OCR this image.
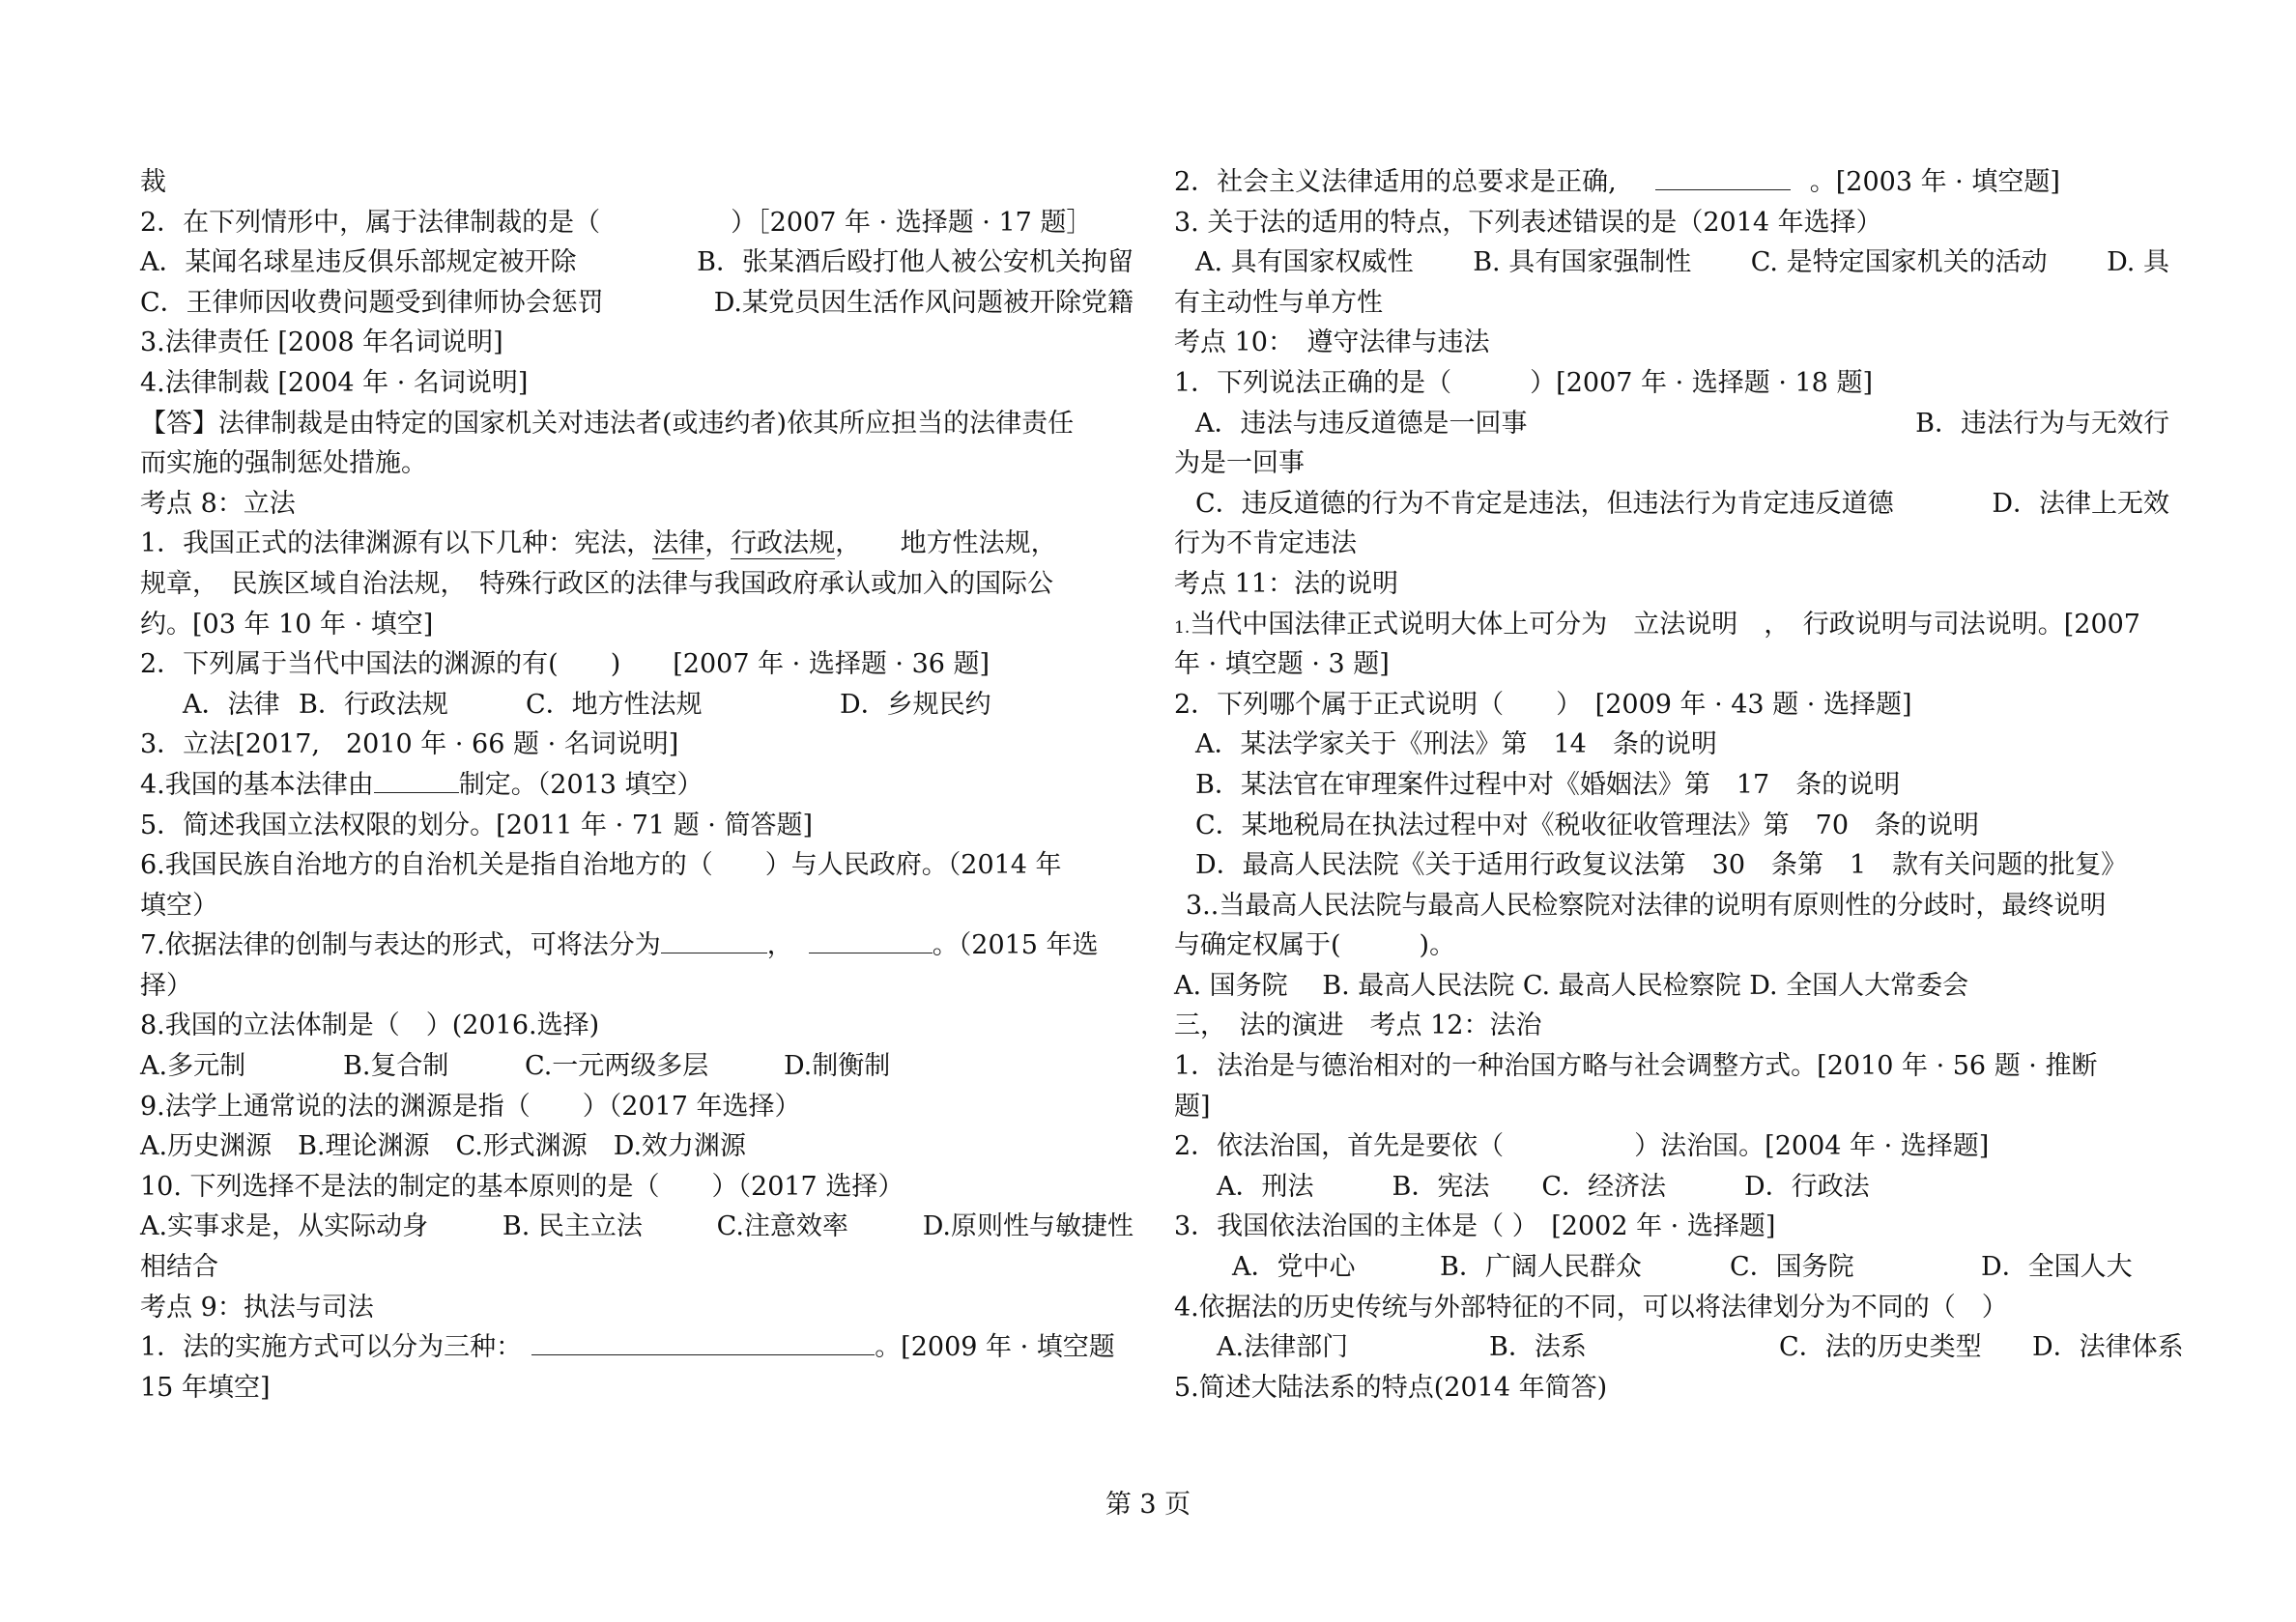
裁
2．在下列情形中，属于法律制裁的是（　　　　　）［2007 年 · 选择题 · 17 题］
A．某闻名球星违反俱乐部规定被开除	B．张某酒后殴打他人被公安机关拘留
C．王律师因收费问题受到律师协会惩罚	D.某党员因生活作风问题被开除党籍
3.法律责任 [2008 年名词说明]
4.法律制裁 [2004 年 · 名词说明]
【答】法律制裁是由特定的国家机关对违法者(或违约者)依其所应担当的法律责任
而实施的强制惩处措施。
考点 8：立法
1．我国正式的法律渊源有以下几种：宪法，法律，行政法规，　　地方性法规，
规章，　民族区域自治法规，　特殊行政区的法律与我国政府承认或加入的国际公
约。[03 年 10 年 · 填空]
2．下列属于当代中国法的渊源的有(　　)　　[2007 年 · 选择题 · 36 题]
A．法律 B．行政法规	C．地方性法规	D．乡规民约
3．立法[2017,　2010 年 · 66 题 · 名词说明]
4.我国的基本法律由	制定。（2013 填空）
5．简述我国立法权限的划分。[2011 年 · 71 题 · 简答题]
6.我国民族自治地方的自治机关是指自治地方的（　　）与人民政府。（2014 年
填空）
7.依据法律的创制与表达的形式，可将法分为	，	。（2015 年选
择）
8.我国的立法体制是（　）(2016.选择)
A.多元制	B.复合制	C.一元两级多层	D.制衡制
9.法学上通常说的法的渊源是指（　　）（2017 年选择）
A.历史渊源　B.理论渊源　C.形式渊源　D.效力渊源
10. 下列选择不是法的制定的基本原则的是（　　）（2017 选择）
A.实事求是，从实际动身	B. 民主立法	C.注意效率	D.原则性与敏捷性
相结合
考点 9：执法与司法
1．法的实施方式可以分为三种：	。[2009 年 · 填空题
15 年填空]
2．社会主义法律适用的总要求是正确,	。[2003 年 · 填空题]
3. 关于法的适用的特点，下列表述错误的是（2014 年选择）
A. 具有国家权威性 B. 具有国家强制性 C. 是特定国家机关的活动 D. 具
有主动性与单方性
考点 10：　遵守法律与违法
1．下列说法正确的是（　　　）[2007 年 · 选择题 · 18 题]
A．违法与违反道德是一回事	B．违法行为与无效行
为是一回事
C．违反道德的行为不肯定是违法，但违法行为肯定违反道德	D．法律上无效
行为不肯定违法
考点 11：法的说明
1.当代中国法律正式说明大体上可分为　立法说明　，　行政说明与司法说明。[2007
年 · 填空题 · 3 题]
2．下列哪个属于正式说明（　　）　[2009 年 · 43 题 · 选择题]
A．某法学家关于《刑法》第　14　条的说明
B．某法官在审理案件过程中对《婚姻法》第　17　条的说明
C．某地税局在执法过程中对《税收征收管理法》第　70　条的说明
D．最高人民法院《关于适用行政复议法第　30　条第　1　款有关问题的批复》
3..当最高人民法院与最高人民检察院对法律的说明有原则性的分歧时，最终说明
与确定权属于(　　　)。
A. 国务院　 B. 最高人民法院 C. 最高人民检察院 D. 全国人大常委会
三，　法的演进　考点 12：法治
1．法治是与德治相对的一种治国方略与社会调整方式。[2010 年 · 56 题 · 推断
题]
2．依法治国，首先是要依（　　　　　）法治国。[2004 年 · 选择题]
A．刑法　　　B．宪法　　C．经济法　　　D．行政法
3．我国依法治国的主体是（ ）　[2002 年 · 选择题]
A．党中心	B．广阔人民群众	C．国务院	D．全国人大
4.依据法的历史传统与外部特征的不同，可以将法律划分为不同的（　）
A.法律部门	B．法系	C．法的历史类型 D．法律体系
5.简述大陆法系的特点(2014 年简答)
第 3 页
